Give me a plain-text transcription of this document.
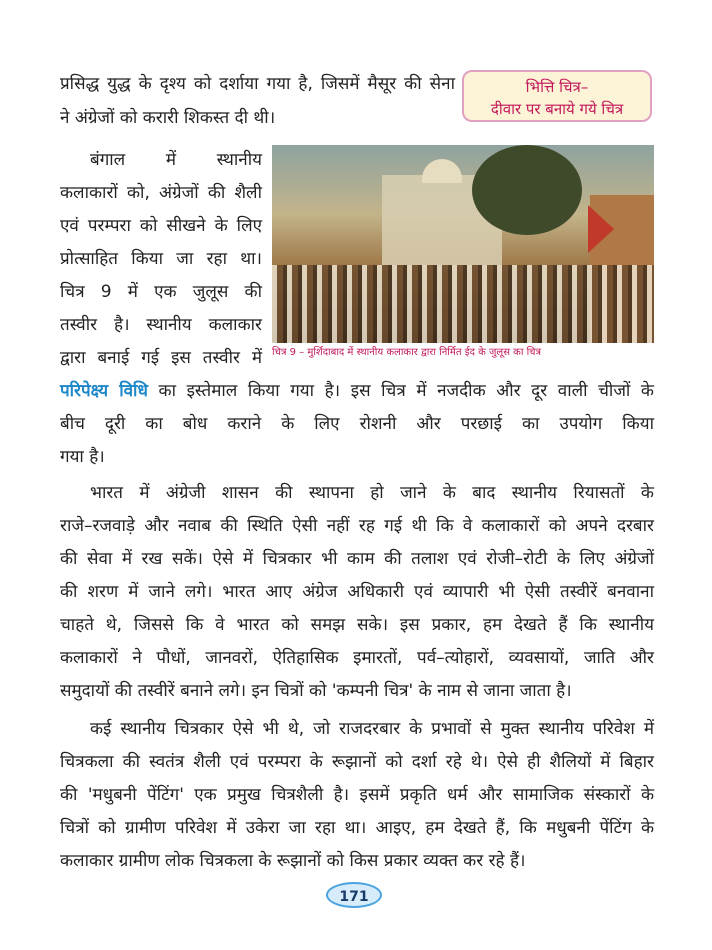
प्रसिद्ध युद्ध के दृश्य को दर्शाया गया है, जिसमें मैसूर की सेना
ने अंग्रेजों को करारी शिकस्त दी थी।
भित्ति चित्र–
दीवार पर बनाये गये चित्र
बंगाल में स्थानीय
कलाकारों को, अंग्रेजों की शैली
एवं परम्परा को सीखने के लिए
प्रोत्साहित किया जा रहा था।
चित्र 9 में एक जुलूस की
तस्वीर है। स्थानीय कलाकार
द्वारा बनाई गई इस तस्वीर में चित्र 9 – मुर्शिदाबाद में स्थानीय कलाकार द्वारा निर्मित ईद के जुलूस का चित्र
परिपेक्ष्य विधि का इस्तेमाल किया गया है। इस चित्र में नजदीक और दूर वाली चीजों के
बीच दूरी का बोध कराने के लिए रोशनी और परछाई का उपयोग किया
गया है।
भारत में अंग्रेजी शासन की स्थापना हो जाने के बाद स्थानीय रियासतों के
राजे–रजवाड़े और नवाब की स्थिति ऐसी नहीं रह गई थी कि वे कलाकारों को अपने दरबार
की सेवा में रख सकें। ऐसे में चित्रकार भी काम की तलाश एवं रोजी–रोटी के लिए अंग्रेजों
की शरण में जाने लगे। भारत आए अंग्रेज अधिकारी एवं व्यापारी भी ऐसी तस्वीरें बनवाना
चाहते थे, जिससे कि वे भारत को समझ सके। इस प्रकार, हम देखते हैं कि स्थानीय
कलाकारों ने पौधों, जानवरों, ऐतिहासिक इमारतों, पर्व–त्योहारों, व्यवसायों, जाति और
समुदायों की तस्वीरें बनाने लगे। इन चित्रों को 'कम्पनी चित्र' के नाम से जाना जाता है।
कई स्थानीय चित्रकार ऐसे भी थे, जो राजदरबार के प्रभावों से मुक्त स्थानीय परिवेश में
चित्रकला की स्वतंत्र शैली एवं परम्परा के रूझानों को दर्शा रहे थे। ऐसे ही शैलियों में बिहार
की 'मधुबनी पेंटिंग' एक प्रमुख चित्रशैली है। इसमें प्रकृति धर्म और सामाजिक संस्कारों के
चित्रों को ग्रामीण परिवेश में उकेरा जा रहा था। आइए, हम देखते हैं, कि मधुबनी पेंटिंग के
कलाकार ग्रामीण लोक चित्रकला के रूझानों को किस प्रकार व्यक्त कर रहे हैं।
171
